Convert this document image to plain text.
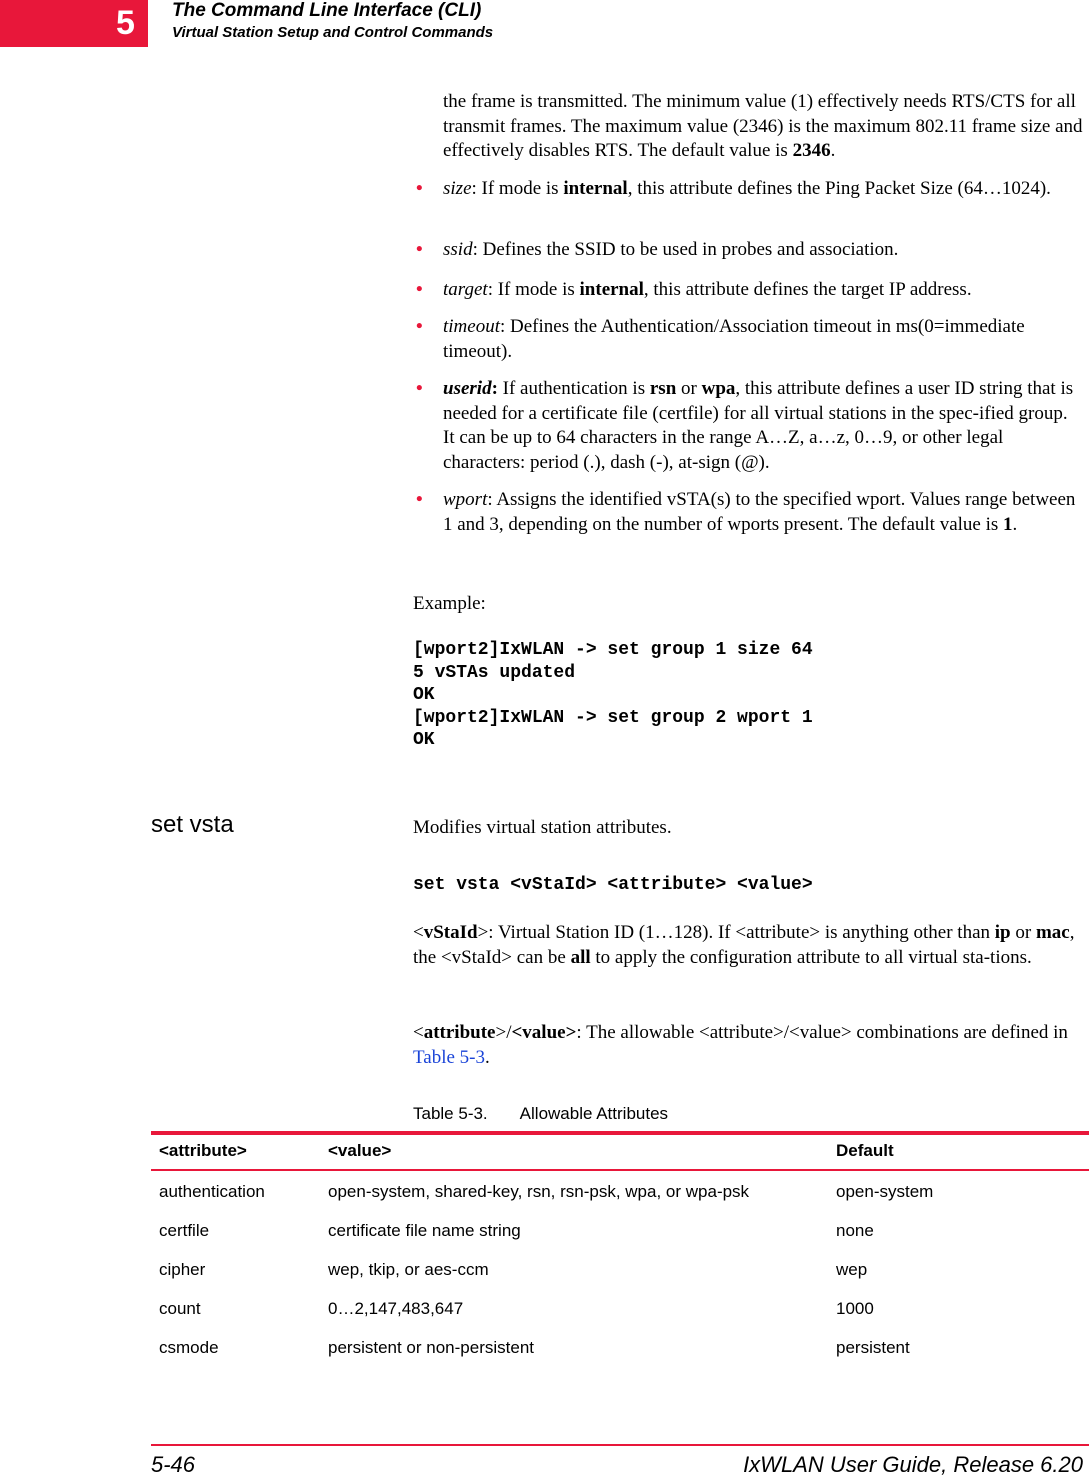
5 The Command Line Interface (CLI)
Virtual Station Setup and Control Commands
the frame is transmitted. The minimum value (1) effectively needs RTS/CTS for all transmit frames. The maximum value (2346) is the maximum 802.11 frame size and effectively disables RTS. The default value is 2346.
• size: If mode is internal, this attribute defines the Ping Packet Size (64…1024).
• ssid: Defines the SSID to be used in probes and association.
• target: If mode is internal, this attribute defines the target IP address.
• timeout: Defines the Authentication/Association timeout in ms(0=immediate timeout).
• userid: If authentication is rsn or wpa, this attribute defines a user ID string that is needed for a certificate file (certfile) for all virtual stations in the spec-ified group. It can be up to 64 characters in the range A…Z, a…z, 0…9, or other legal characters: period (.), dash (-), at-sign (@).
• wport: Assigns the identified vSTA(s) to the specified wport. Values range between 1 and 3, depending on the number of wports present. The default value is 1.
Example:
[wport2]IxWLAN -> set group 1 size 64
5 vSTAs updated
OK
[wport2]IxWLAN -> set group 2 wport 1
OK
set vsta	Modifies virtual station attributes.
set vsta <vStaId> <attribute> <value>
<vStaId>: Virtual Station ID (1…128). If <attribute> is anything other than ip or mac, the <vStaId> can be all to apply the configuration attribute to all virtual sta-tions.
<attribute>/<value>: The allowable <attribute>/<value> combinations are defined in Table 5-3.
Table 5-3. Allowable Attributes
<attribute>	<value>	Default
authentication	open-system, shared-key, rsn, rsn-psk, wpa, or wpa-psk	open-system
certfile	certificate file name string	none
cipher	wep, tkip, or aes-ccm	wep
count	0…2,147,483,647	1000
csmode	persistent or non-persistent	persistent
5-46	IxWLAN User Guide, Release 6.20
